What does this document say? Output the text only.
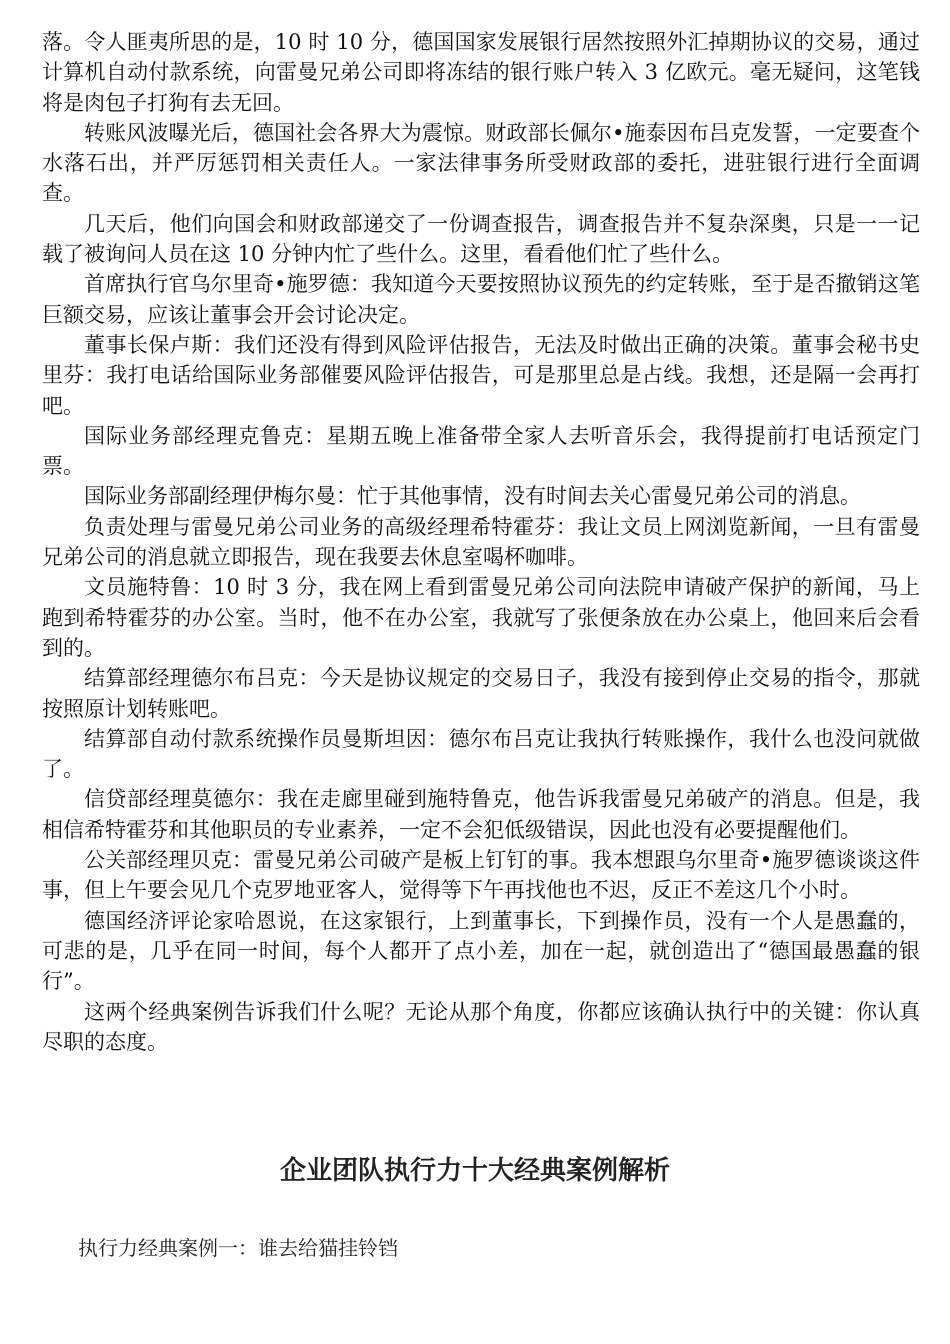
落。令人匪夷所思的是，10 时 10 分，德国国家发展银行居然按照外汇掉期协议的交易，通过计算机自动付款系统，向雷曼兄弟公司即将冻结的银行账户转入 3 亿欧元。毫无疑问，这笔钱将是肉包子打狗有去无回。

转账风波曝光后，德国社会各界大为震惊。财政部长佩尔•施泰因布吕克发誓，一定要查个水落石出，并严厉惩罚相关责任人。一家法律事务所受财政部的委托，进驻银行进行全面调查。

几天后，他们向国会和财政部递交了一份调查报告，调查报告并不复杂深奥，只是一一记载了被询问人员在这 10 分钟内忙了些什么。这里，看看他们忙了些什么。

首席执行官乌尔里奇•施罗德：我知道今天要按照协议预先的约定转账，至于是否撤销这笔巨额交易，应该让董事会开会讨论决定。

董事长保卢斯：我们还没有得到风险评估报告，无法及时做出正确的决策。董事会秘书史里芬：我打电话给国际业务部催要风险评估报告，可是那里总是占线。我想，还是隔一会再打吧。

国际业务部经理克鲁克：星期五晚上准备带全家人去听音乐会，我得提前打电话预定门票。

国际业务部副经理伊梅尔曼：忙于其他事情，没有时间去关心雷曼兄弟公司的消息。

负责处理与雷曼兄弟公司业务的高级经理希特霍芬：我让文员上网浏览新闻，一旦有雷曼兄弟公司的消息就立即报告，现在我要去休息室喝杯咖啡。

文员施特鲁：10 时 3 分，我在网上看到雷曼兄弟公司向法院申请破产保护的新闻，马上跑到希特霍芬的办公室。当时，他不在办公室，我就写了张便条放在办公桌上，他回来后会看到的。

结算部经理德尔布吕克：今天是协议规定的交易日子，我没有接到停止交易的指令，那就按照原计划转账吧。

结算部自动付款系统操作员曼斯坦因：德尔布吕克让我执行转账操作，我什么也没问就做了。

信贷部经理莫德尔：我在走廊里碰到施特鲁克，他告诉我雷曼兄弟破产的消息。但是，我相信希特霍芬和其他职员的专业素养，一定不会犯低级错误，因此也没有必要提醒他们。

公关部经理贝克：雷曼兄弟公司破产是板上钉钉的事。我本想跟乌尔里奇•施罗德谈谈这件事，但上午要会见几个克罗地亚客人，觉得等下午再找他也不迟，反正不差这几个小时。

德国经济评论家哈恩说，在这家银行，上到董事长，下到操作员，没有一个人是愚蠢的，可悲的是，几乎在同一时间，每个人都开了点小差，加在一起，就创造出了“德国最愚蠢的银行”。

这两个经典案例告诉我们什么呢？无论从那个角度，你都应该确认执行中的关键：你认真尽职的态度。

企业团队执行力十大经典案例解析

执行力经典案例一：谁去给猫挂铃铛
